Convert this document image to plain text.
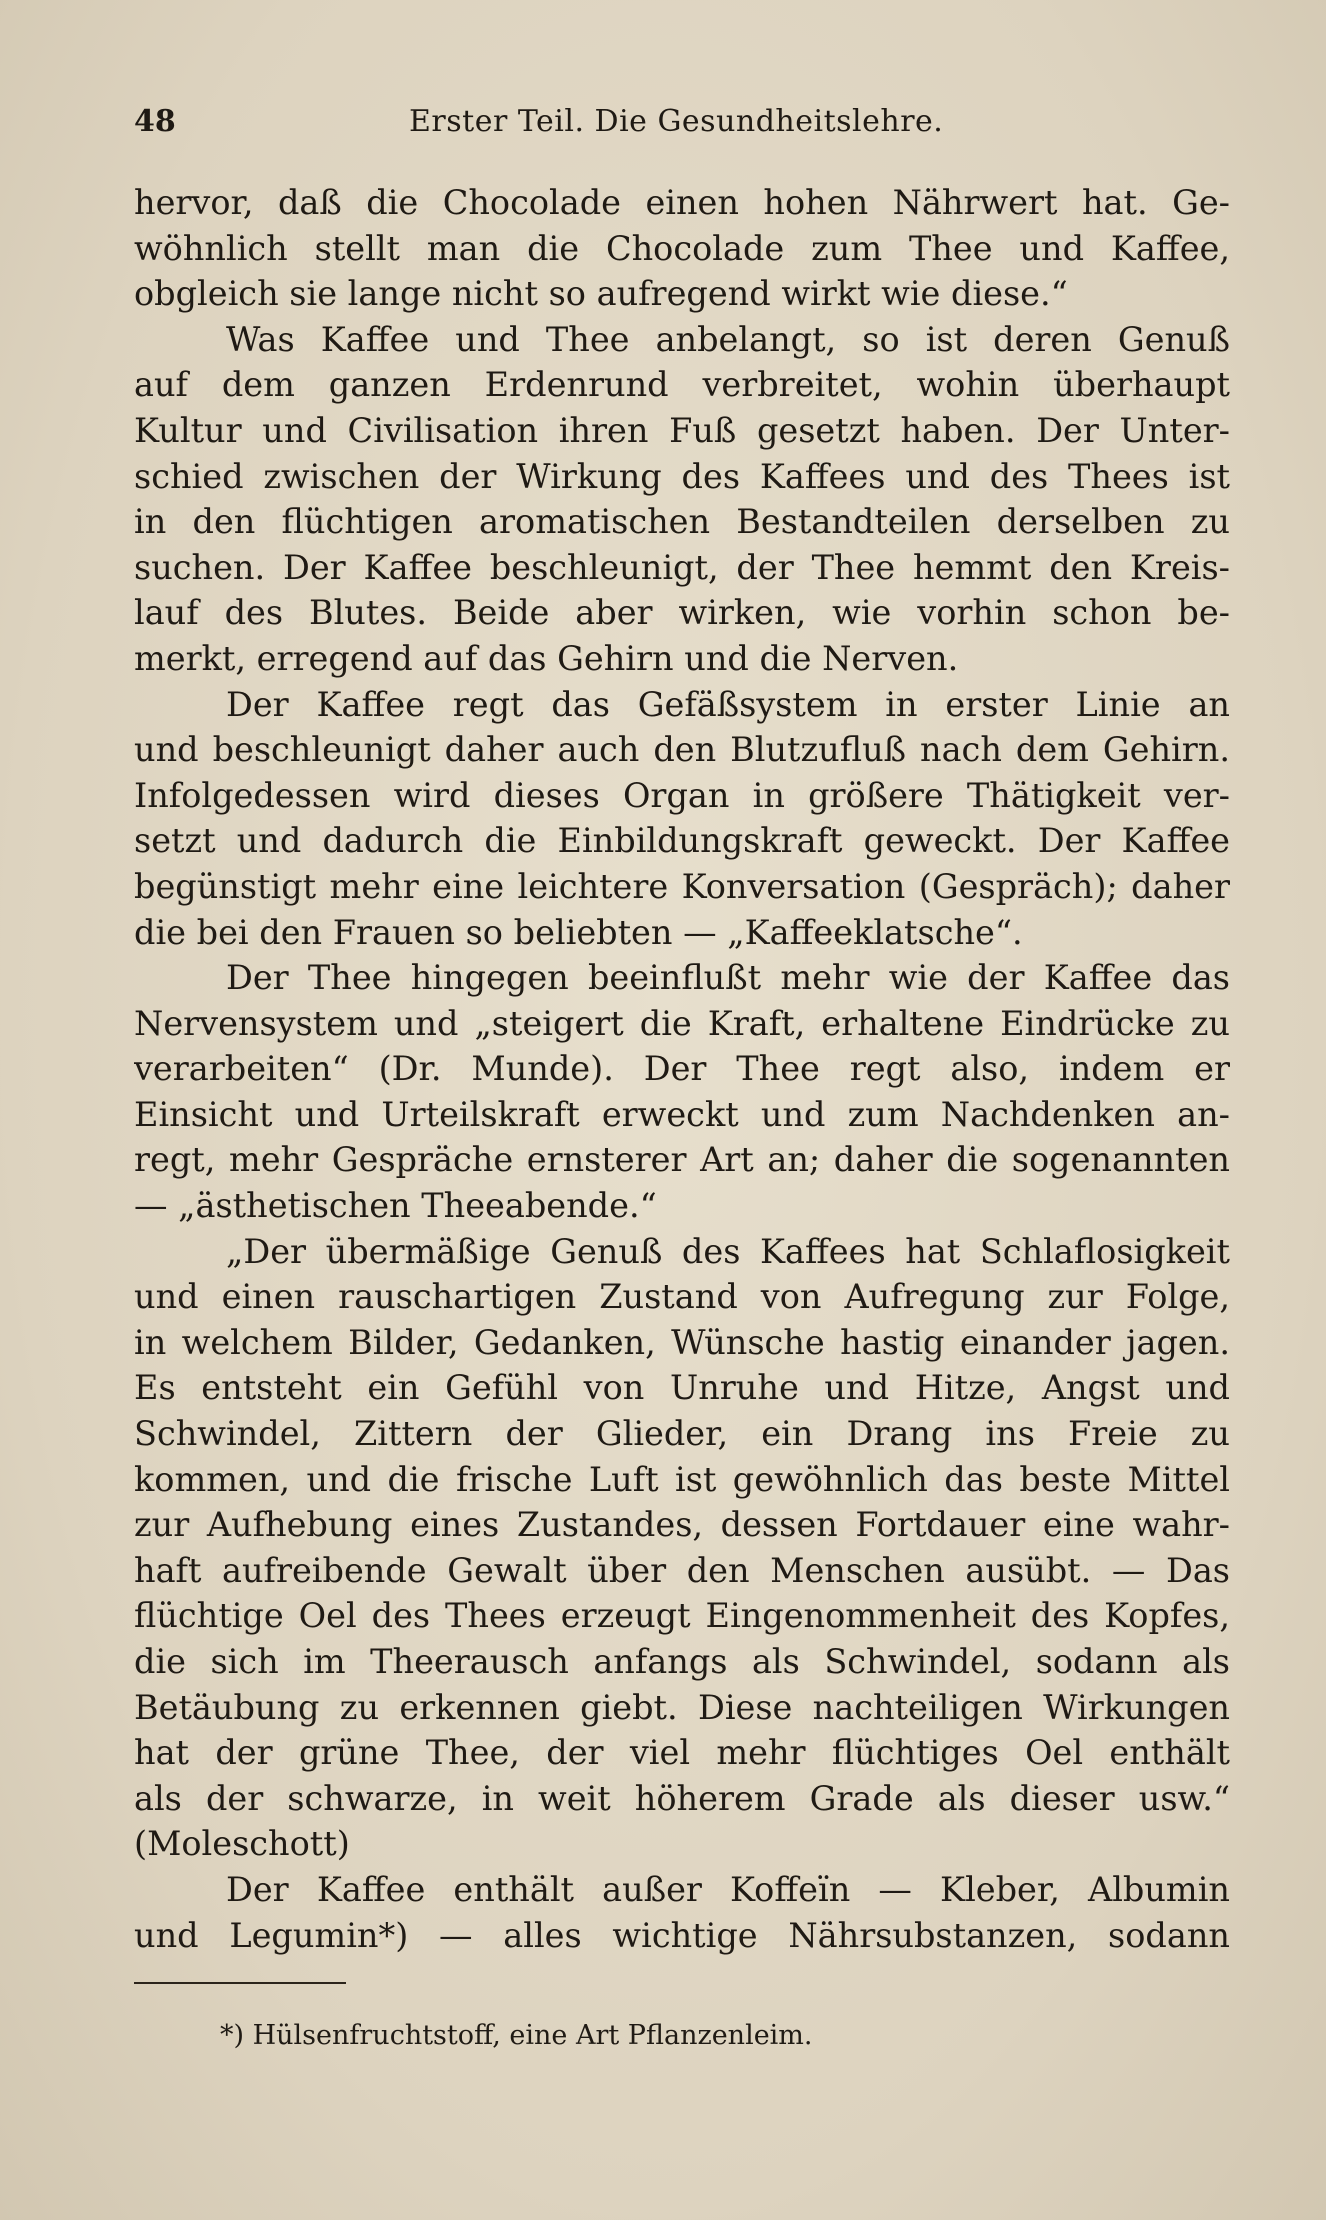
48	Erster Teil. Die Gesundheitslehre.
hervor, daß die Chocolade einen hohen Nährwert hat. Ge-
wöhnlich stellt man die Chocolade zum Thee und Kaffee,
obgleich sie lange nicht so aufregend wirkt wie diese.“
Was Kaffee und Thee anbelangt, so ist deren Genuß
auf dem ganzen Erdenrund verbreitet, wohin überhaupt
Kultur und Civilisation ihren Fuß gesetzt haben. Der Unter-
schied zwischen der Wirkung des Kaffees und des Thees ist
in den flüchtigen aromatischen Bestandteilen derselben zu
suchen. Der Kaffee beschleunigt, der Thee hemmt den Kreis-
lauf des Blutes. Beide aber wirken, wie vorhin schon be-
merkt, erregend auf das Gehirn und die Nerven.
Der Kaffee regt das Gefäßsystem in erster Linie an
und beschleunigt daher auch den Blutzufluß nach dem Gehirn.
Infolgedessen wird dieses Organ in größere Thätigkeit ver-
setzt und dadurch die Einbildungskraft geweckt. Der Kaffee
begünstigt mehr eine leichtere Konversation (Gespräch); daher
die bei den Frauen so beliebten — „Kaffeeklatsche“.
Der Thee hingegen beeinflußt mehr wie der Kaffee das
Nervensystem und „steigert die Kraft, erhaltene Eindrücke zu
verarbeiten“ (Dr. Munde). Der Thee regt also, indem er
Einsicht und Urteilskraft erweckt und zum Nachdenken an-
regt, mehr Gespräche ernsterer Art an; daher die sogenannten
— „ästhetischen Theeabende.“
„Der übermäßige Genuß des Kaffees hat Schlaflosigkeit
und einen rauschartigen Zustand von Aufregung zur Folge,
in welchem Bilder, Gedanken, Wünsche hastig einander jagen.
Es entsteht ein Gefühl von Unruhe und Hitze, Angst und
Schwindel, Zittern der Glieder, ein Drang ins Freie zu
kommen, und die frische Luft ist gewöhnlich das beste Mittel
zur Aufhebung eines Zustandes, dessen Fortdauer eine wahr-
haft aufreibende Gewalt über den Menschen ausübt. — Das
flüchtige Oel des Thees erzeugt Eingenommenheit des Kopfes,
die sich im Theerausch anfangs als Schwindel, sodann als
Betäubung zu erkennen giebt. Diese nachteiligen Wirkungen
hat der grüne Thee, der viel mehr flüchtiges Oel enthält
als der schwarze, in weit höherem Grade als dieser usw.“
(Moleschott)
Der Kaffee enthält außer Koffeïn — Kleber, Albumin
und Legumin*) — alles wichtige Nährsubstanzen, sodann
*) Hülsenfruchtstoff, eine Art Pflanzenleim.
